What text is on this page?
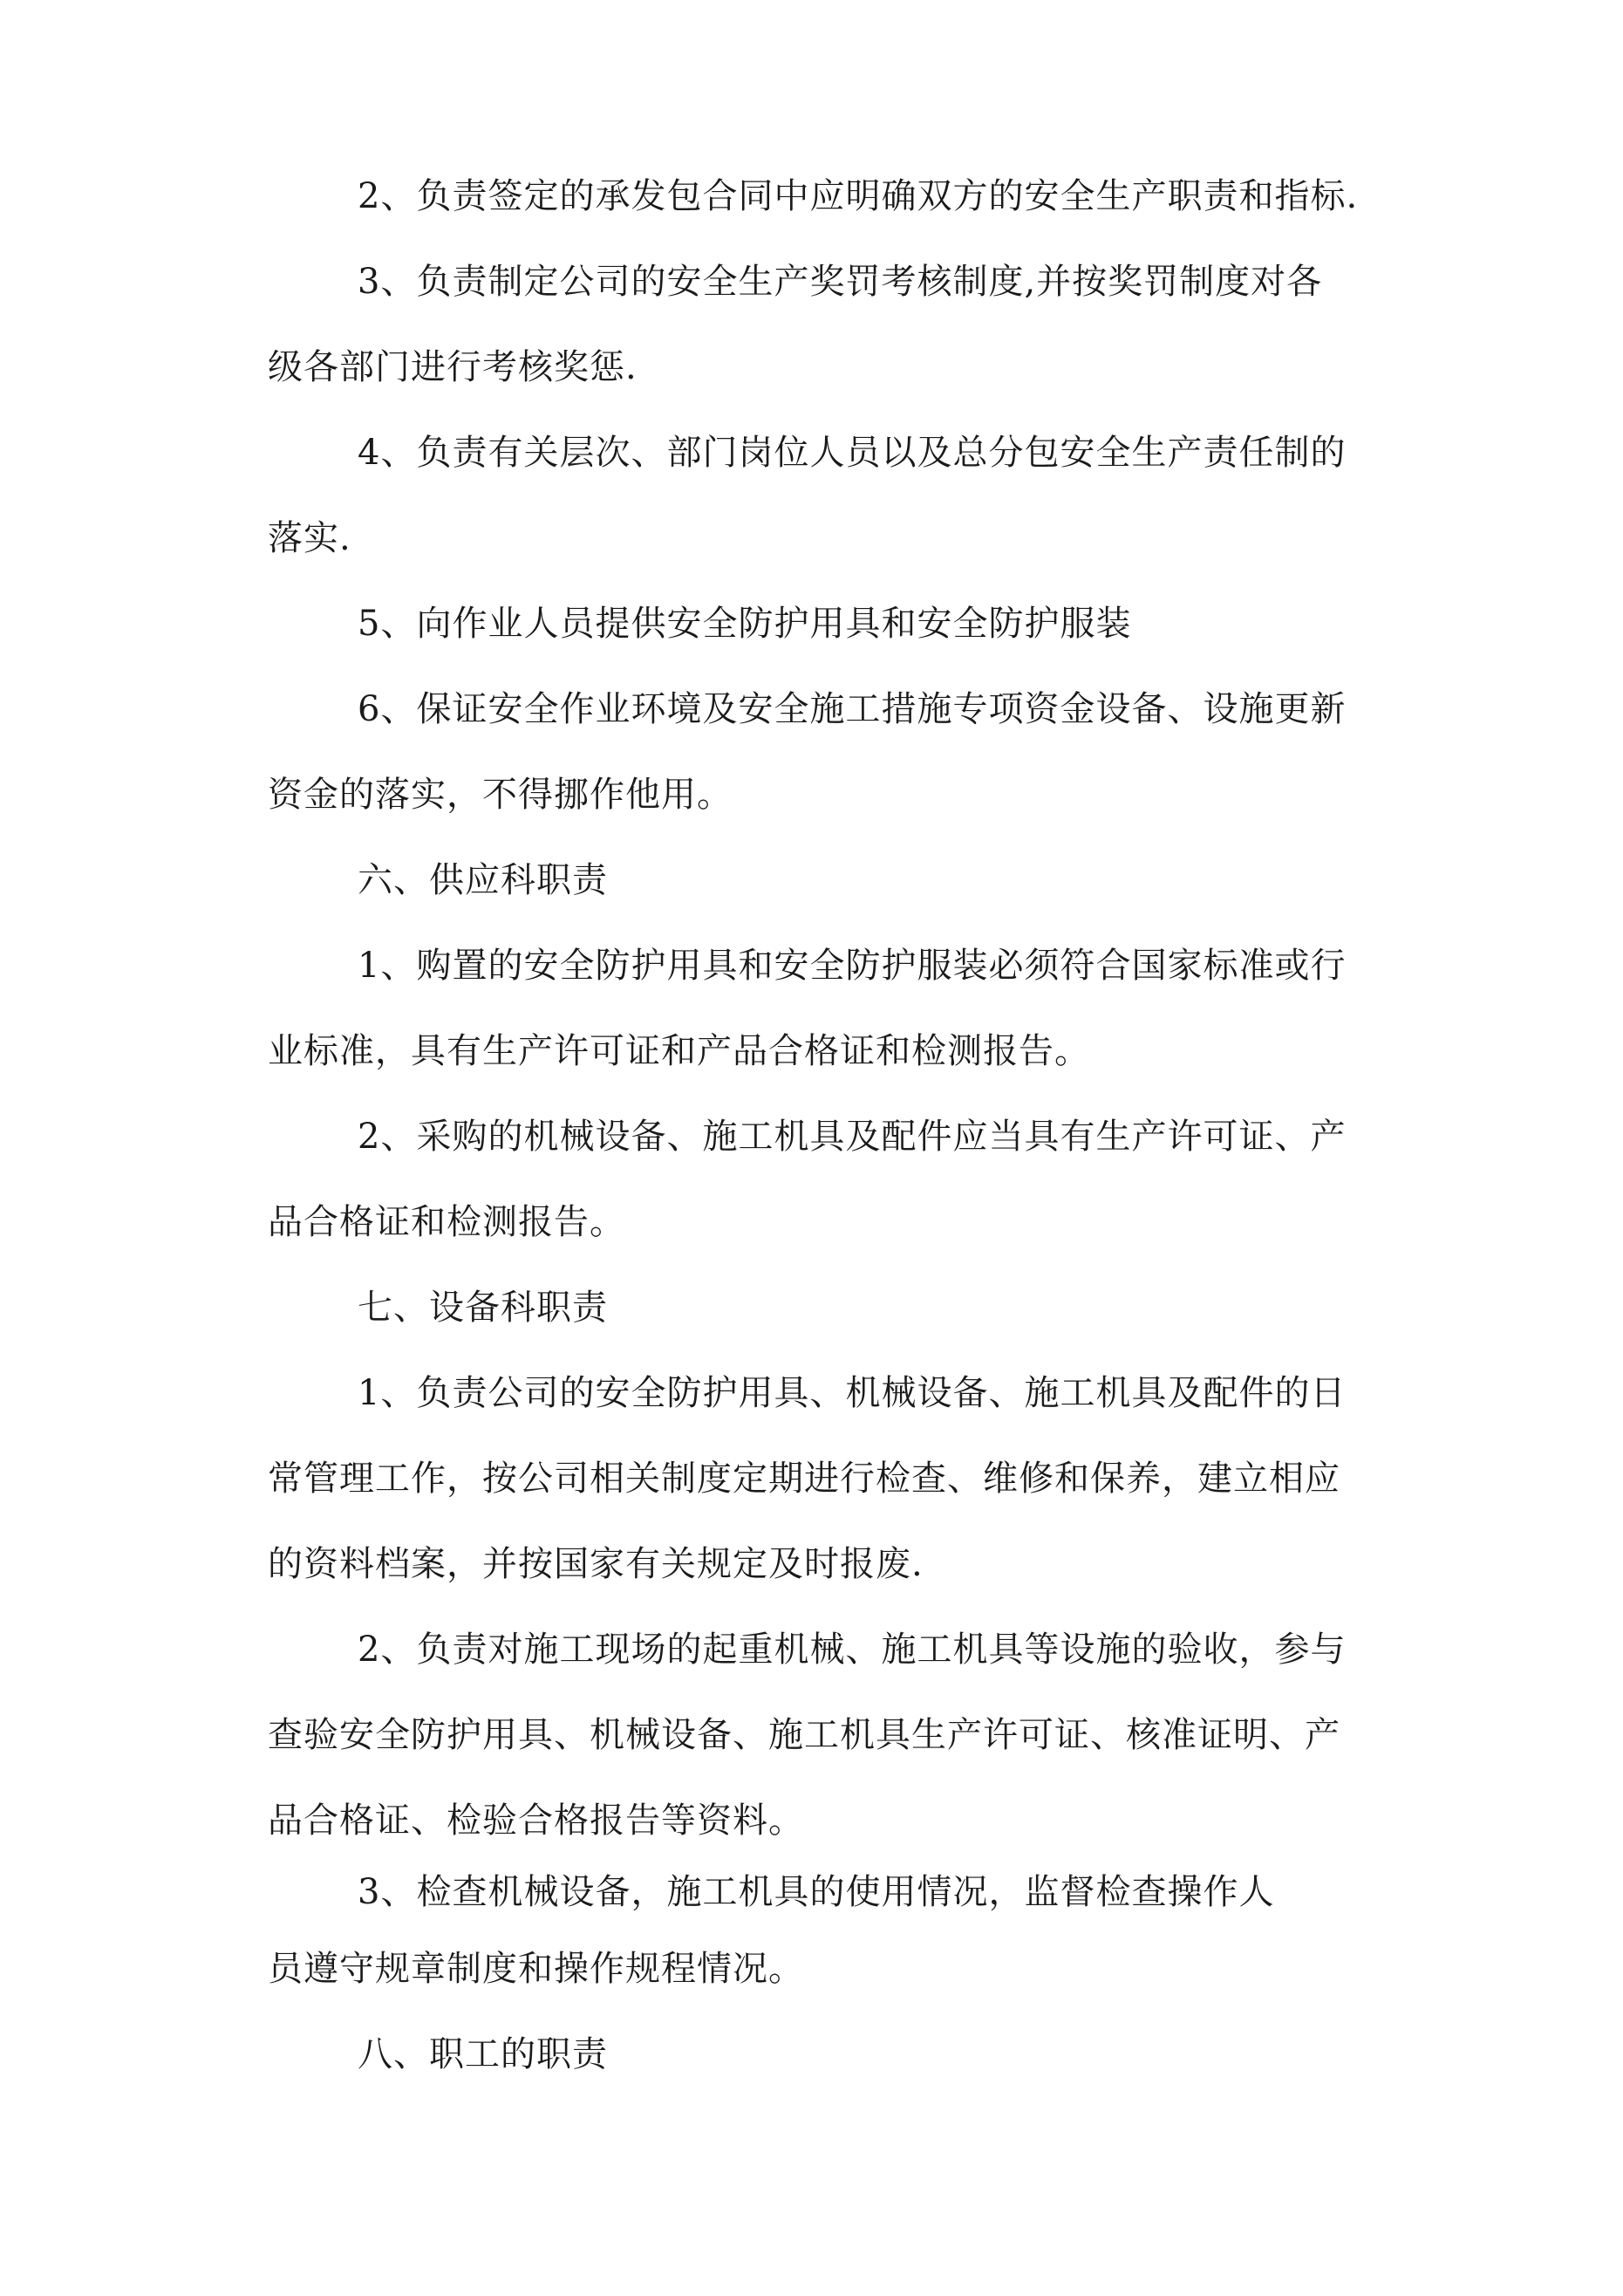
2、负责签定的承发包合同中应明确双方的安全生产职责和指标.
3、负责制定公司的安全生产奖罚考核制度,并按奖罚制度对各
级各部门进行考核奖惩.
4、负责有关层次、部门岗位人员以及总分包安全生产责任制的
落实.
5、向作业人员提供安全防护用具和安全防护服装
6、保证安全作业环境及安全施工措施专项资金设备、设施更新
资金的落实，不得挪作他用。
六、供应科职责
1、购置的安全防护用具和安全防护服装必须符合国家标准或行
业标准，具有生产许可证和产品合格证和检测报告。
2、采购的机械设备、施工机具及配件应当具有生产许可证、产
品合格证和检测报告。
七、设备科职责
1、负责公司的安全防护用具、机械设备、施工机具及配件的日
常管理工作，按公司相关制度定期进行检查、维修和保养，建立相应
的资料档案，并按国家有关规定及时报废.
2、负责对施工现场的起重机械、施工机具等设施的验收，参与
查验安全防护用具、机械设备、施工机具生产许可证、核准证明、产
品合格证、检验合格报告等资料。
3、检查机械设备，施工机具的使用情况，监督检查操作人
员遵守规章制度和操作规程情况。
八、职工的职责
